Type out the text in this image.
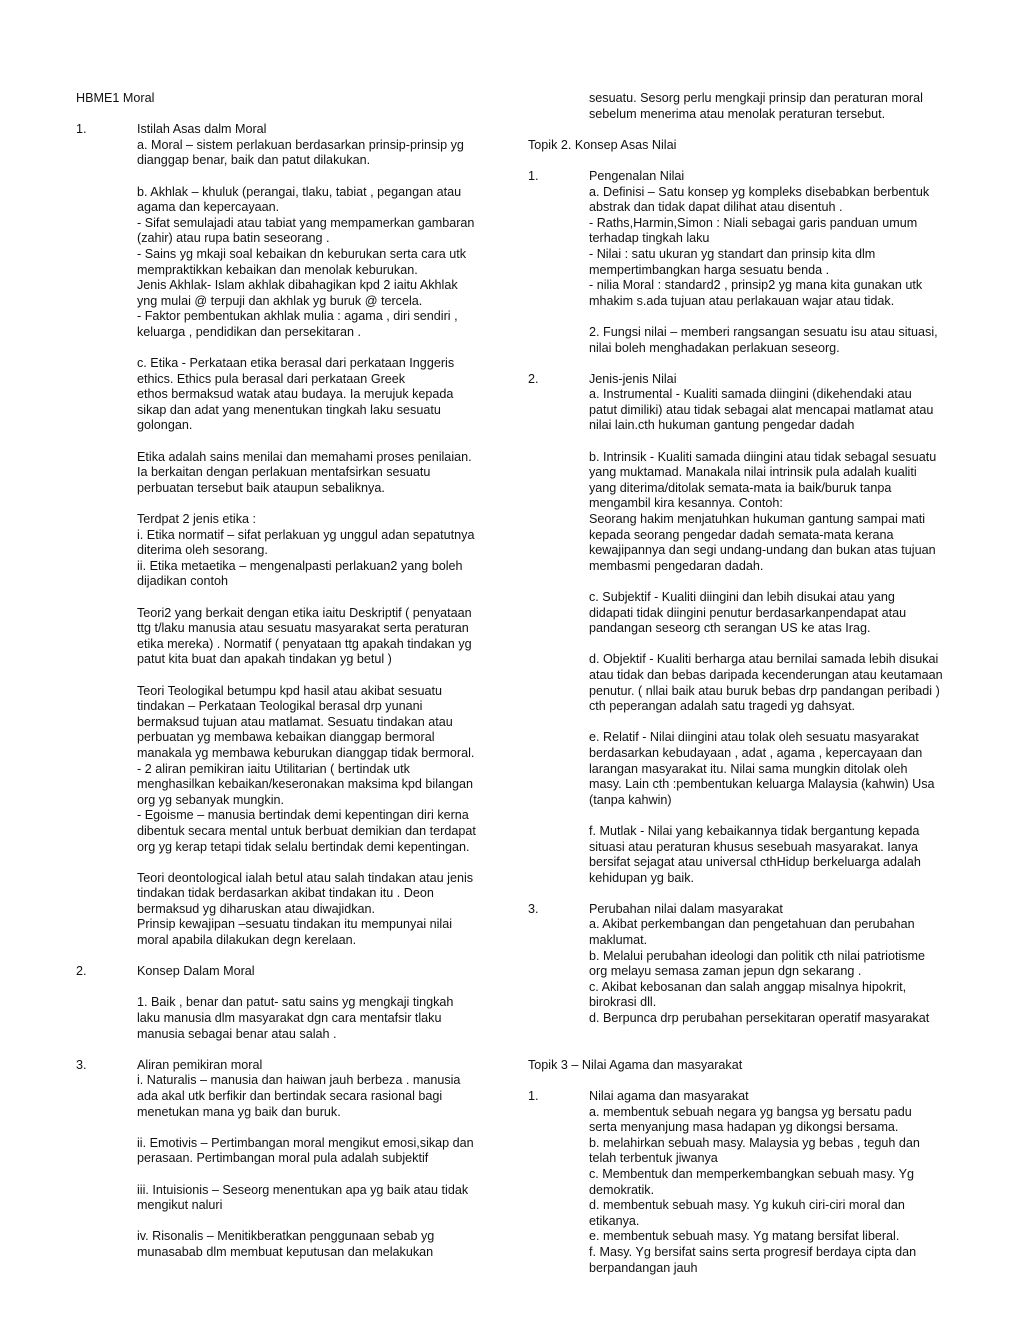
HBME1 Moral

1.	Istilah Asas dalm Moral

a. Moral – sistem perlakuan berdasarkan prinsip-prinsip yg
dianggap benar, baik dan patut dilakukan.

b. Akhlak – khuluk (perangai, tlaku, tabiat , pegangan atau
agama dan kepercayaan.
- Sifat semulajadi atau tabiat yang mempamerkan gambaran
(zahir) atau rupa batin seseorang .
- Sains yg mkaji soal kebaikan dn keburukan serta cara utk
mempraktikkan kebaikan dan menolak keburukan.
Jenis Akhlak- Islam akhlak dibahagikan kpd 2 iaitu Akhlak
yng mulai @ terpuji dan akhlak yg buruk @ tercela.
- Faktor pembentukan akhlak mulia : agama , diri sendiri ,
keluarga , pendidikan dan persekitaran .

c. Etika - Perkataan etika berasal dari perkataan Inggeris
ethics. Ethics pula berasal dari perkataan Greek
ethos bermaksud watak atau budaya. Ia merujuk kepada
sikap dan adat yang menentukan tingkah laku sesuatu
golongan.

Etika adalah sains menilai dan memahami proses penilaian.
Ia berkaitan dengan perlakuan mentafsirkan sesuatu
perbuatan tersebut baik ataupun sebaliknya.

Terdpat 2 jenis etika :
i. Etika normatif – sifat perlakuan yg unggul adan sepatutnya
diterima oleh sesorang.
ii. Etika metaetika – mengenalpasti perlakuan2 yang boleh
dijadikan contoh

Teori2 yang berkait dengan etika iaitu Deskriptif ( penyataan
ttg t/laku manusia atau sesuatu masyarakat serta peraturan
etika mereka) . Normatif ( penyataan ttg apakah tindakan yg
patut kita buat dan apakah tindakan yg betul )

Teori Teologikal betumpu kpd hasil atau akibat sesuatu
tindakan – Perkataan Teologikal berasal drp yunani
bermaksud tujuan atau matlamat. Sesuatu tindakan atau
perbuatan yg membawa kebaikan dianggap bermoral
manakala yg membawa keburukan dianggap tidak bermoral.
- 2 aliran pemikiran iaitu Utilitarian ( bertindak utk
menghasilkan kebaikan/keseronakan maksima kpd bilangan
org yg sebanyak mungkin.
- Egoisme – manusia bertindak demi kepentingan diri kerna
dibentuk secara mental untuk berbuat demikian dan terdapat
org yg kerap tetapi tidak selalu bertindak demi kepentingan.

Teori deontological ialah betul atau salah tindakan atau jenis
tindakan tidak berdasarkan akibat tindakan itu . Deon
bermaksud yg diharuskan atau diwajidkan.
Prinsip kewajipan –sesuatu tindakan itu mempunyai nilai
moral apabila dilakukan degn kerelaan.

2.	Konsep Dalam Moral

1. Baik , benar dan patut- satu sains yg mengkaji tingkah
laku manusia dlm masyarakat dgn cara mentafsir tlaku
manusia sebagai benar atau salah .

3.	Aliran pemikiran moral

i. Naturalis – manusia dan haiwan jauh berbeza . manusia
ada akal utk berfikir dan bertindak secara rasional bagi
menetukan mana yg baik dan buruk.

ii. Emotivis – Pertimbangan moral mengikut emosi,sikap dan
perasaan. Pertimbangan moral pula adalah subjektif

iii. Intuisionis – Seseorg menentukan apa yg baik atau tidak
mengikut naluri

iv. Risonalis – Menitikberatkan penggunaan sebab yg
munasabab dlm membuat keputusan dan melakukan

sesuatu. Sesorg perlu mengkaji prinsip dan peraturan moral
sebelum menerima atau menolak peraturan tersebut.

Topik 2. Konsep Asas Nilai

1.	Pengenalan Nilai

a. Definisi – Satu konsep yg kompleks disebabkan berbentuk
abstrak dan tidak dapat dilihat atau disentuh .
- Raths,Harmin,Simon : Niali sebagai garis panduan umum
terhadap tingkah laku
- Nilai : satu ukuran yg standart dan prinsip kita dlm
mempertimbangkan harga sesuatu benda .
- nilia Moral : standard2 , prinsip2 yg mana kita gunakan utk
mhakim s.ada tujuan atau perlakauan wajar atau tidak.

2. Fungsi nilai – memberi rangsangan sesuatu isu atau situasi,
nilai boleh menghadakan perlakuan seseorg.

2.	Jenis-jenis Nilai

a. Instrumental - Kualiti samada diingini (dikehendaki atau
patut dimiliki) atau tidak sebagai alat mencapai matlamat atau
nilai lain.cth hukuman gantung pengedar dadah

b. Intrinsik - Kualiti samada diingini atau tidak sebagal sesuatu
yang muktamad. Manakala nilai intrinsik pula adalah kualiti
yang diterima/ditolak semata-mata ia baik/buruk tanpa
mengambil kira kesannya. Contoh:
Seorang hakim menjatuhkan hukuman gantung sampai mati
kepada seorang pengedar dadah semata-mata kerana
kewajipannya dan segi undang-undang dan bukan atas tujuan
membasmi pengedaran dadah.

c. Subjektif - Kualiti diingini dan lebih disukai atau yang
didapati tidak diingini penutur berdasarkanpendapat atau
pandangan seseorg cth serangan US ke atas Irag.

d. Objektif - Kualiti berharga atau bernilai samada lebih disukai
atau tidak dan bebas daripada kecenderungan atau keutamaan
penutur. ( nllai baik atau buruk bebas drp pandangan peribadi )
cth peperangan adalah satu tragedi yg dahsyat.

e. Relatif - Nilai diingini atau tolak oleh sesuatu masyarakat
berdasarkan kebudayaan , adat , agama , kepercayaan dan
larangan masyarakat itu. Nilai sama mungkin ditolak oleh
masy. Lain cth :pembentukan keluarga Malaysia (kahwin) Usa
(tanpa kahwin)

f. Mutlak - Nilai yang kebaikannya tidak bergantung kepada
situasi atau peraturan khusus sesebuah masyarakat. Ianya
bersifat sejagat atau universal cthHidup berkeluarga adalah
kehidupan yg baik.

3.	Perubahan nilai dalam masyarakat

a. Akibat perkembangan dan pengetahuan dan perubahan
maklumat.
b. Melalui perubahan ideologi dan politik cth nilai patriotisme
org melayu semasa zaman jepun dgn sekarang .
c. Akibat kebosanan dan salah anggap misalnya hipokrit,
birokrasi dll.
d. Berpunca drp perubahan persekitaran operatif masyarakat

Topik 3 – Nilai Agama dan masyarakat

1.	Nilai agama dan masyarakat

a. membentuk sebuah negara yg bangsa yg bersatu padu
serta menyanjung masa hadapan yg dikongsi bersama.
b. melahirkan sebuah masy. Malaysia yg bebas , teguh dan
telah terbentuk jiwanya
c. Membentuk dan memperkembangkan sebuah masy. Yg
demokratik.
d. membentuk sebuah masy. Yg kukuh ciri-ciri moral dan
etikanya.
e. membentuk sebuah masy. Yg matang bersifat liberal.
f. Masy. Yg bersifat sains serta progresif berdaya cipta dan
berpandangan jauh
